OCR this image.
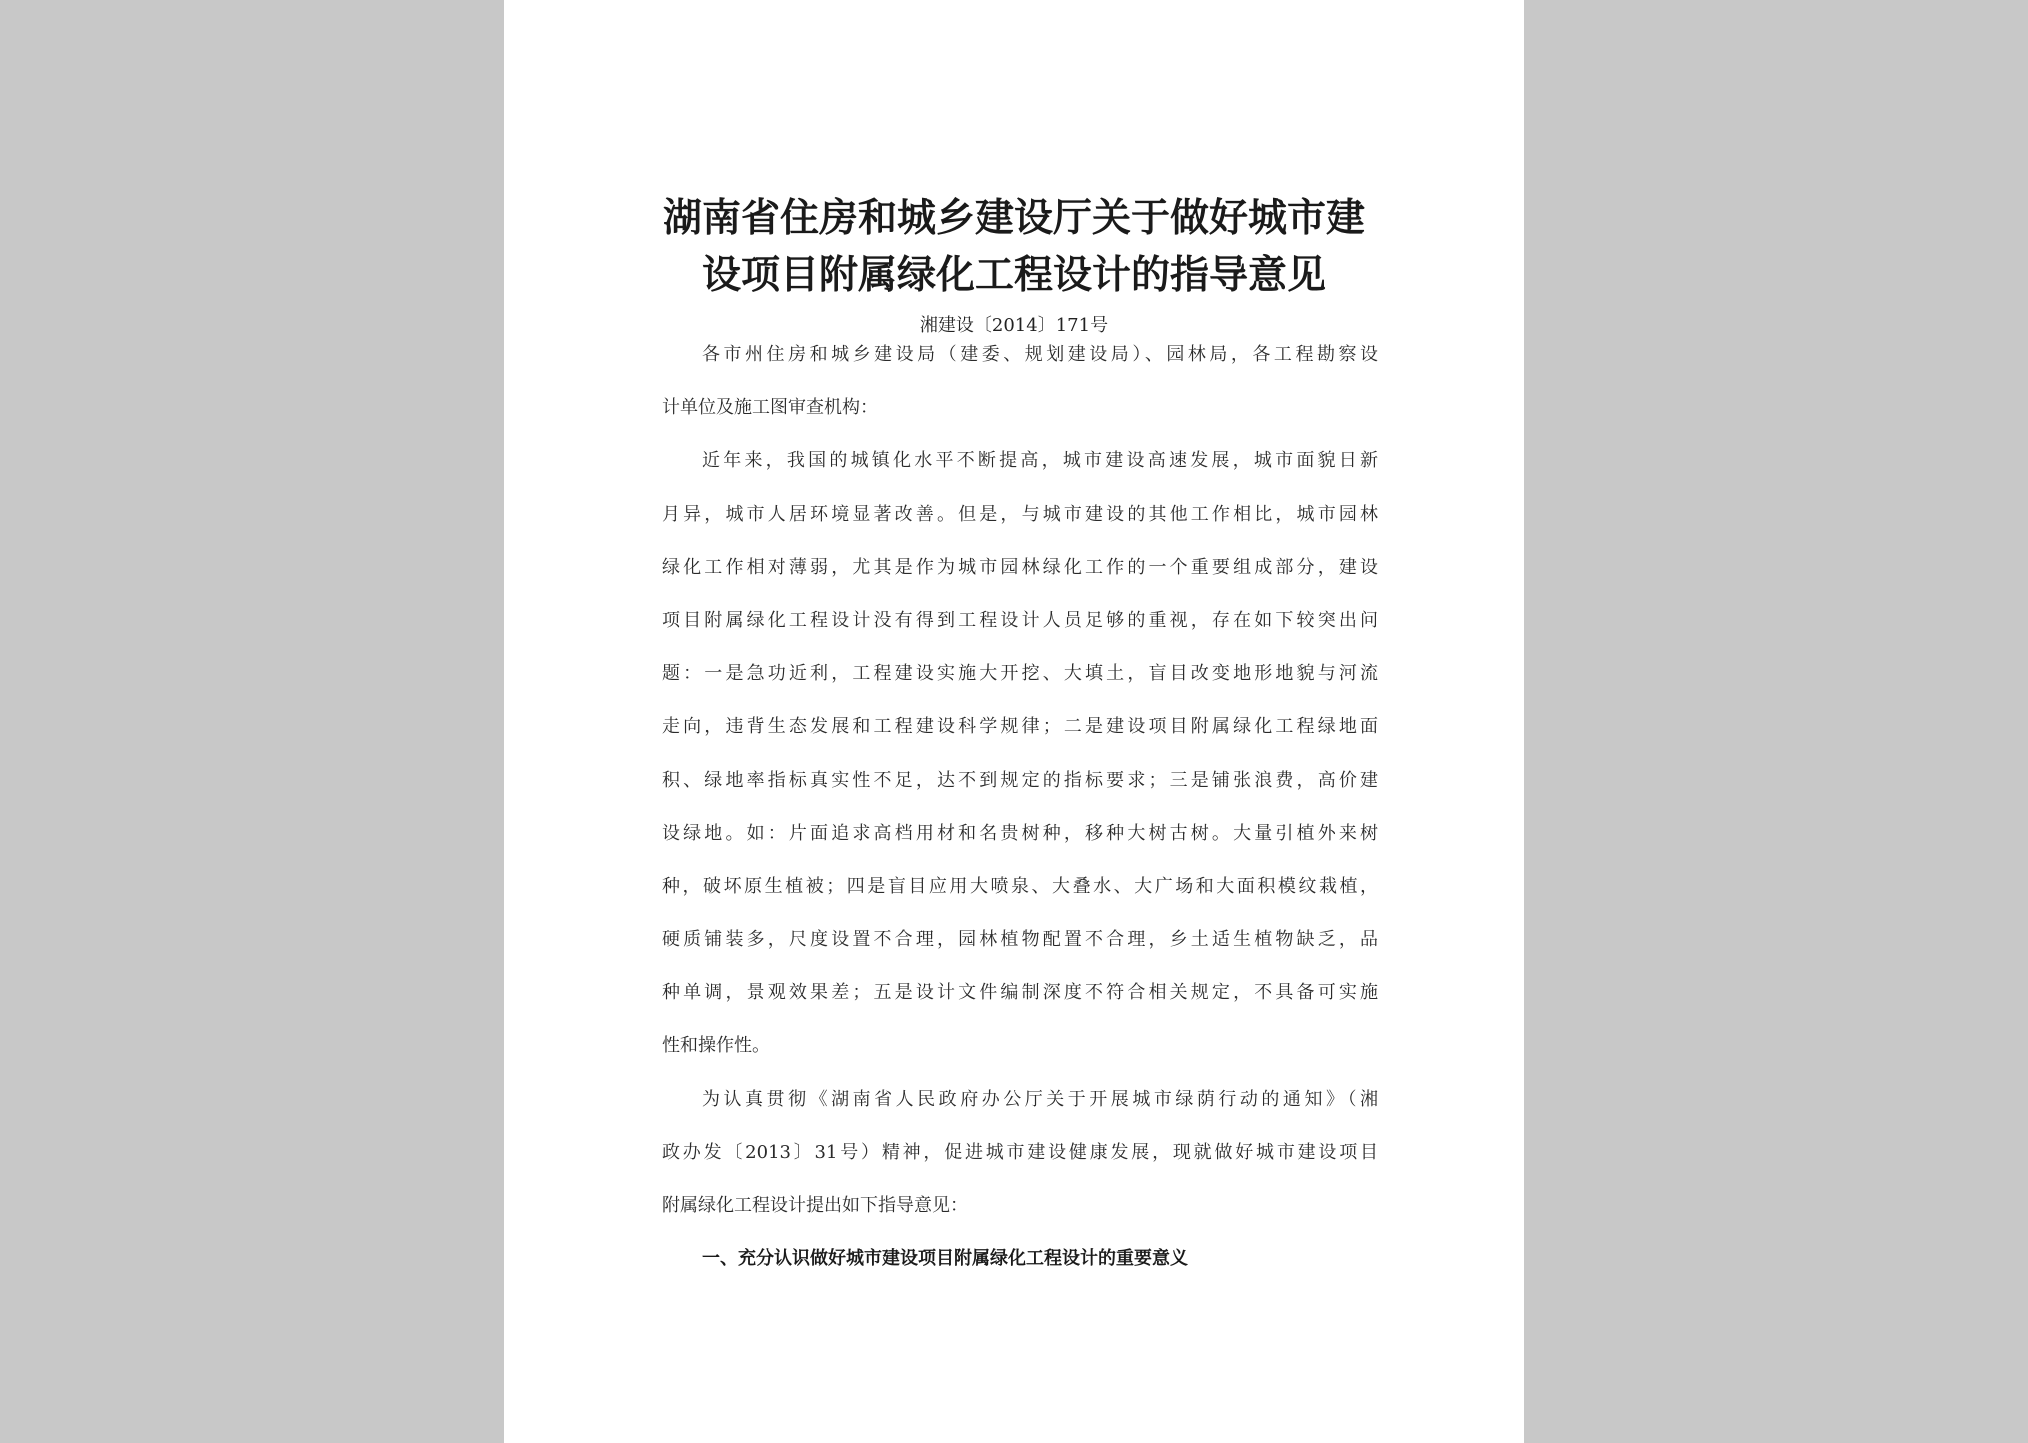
湖南省住房和城乡建设厅关于做好城市建
设项目附属绿化工程设计的指导意见
湘建设〔2014〕171号
各市州住房和城乡建设局（建委、规划建设局）、园林局，各工程勘察设
计单位及施工图审查机构：
近年来，我国的城镇化水平不断提高，城市建设高速发展，城市面貌日新
月异，城市人居环境显著改善。但是，与城市建设的其他工作相比，城市园林
绿化工作相对薄弱，尤其是作为城市园林绿化工作的一个重要组成部分，建设
项目附属绿化工程设计没有得到工程设计人员足够的重视，存在如下较突出问
题：一是急功近利，工程建设实施大开挖、大填土，盲目改变地形地貌与河流
走向，违背生态发展和工程建设科学规律；二是建设项目附属绿化工程绿地面
积、绿地率指标真实性不足，达不到规定的指标要求；三是铺张浪费，高价建
设绿地。如：片面追求高档用材和名贵树种，移种大树古树。大量引植外来树
种，破坏原生植被；四是盲目应用大喷泉、大叠水、大广场和大面积模纹栽植，
硬质铺装多，尺度设置不合理，园林植物配置不合理，乡土适生植物缺乏，品
种单调，景观效果差；五是设计文件编制深度不符合相关规定，不具备可实施
性和操作性。
为认真贯彻《湖南省人民政府办公厅关于开展城市绿荫行动的通知》（湘
政办发〔2013〕31号）精神，促进城市建设健康发展，现就做好城市建设项目
附属绿化工程设计提出如下指导意见：
一、充分认识做好城市建设项目附属绿化工程设计的重要意义
